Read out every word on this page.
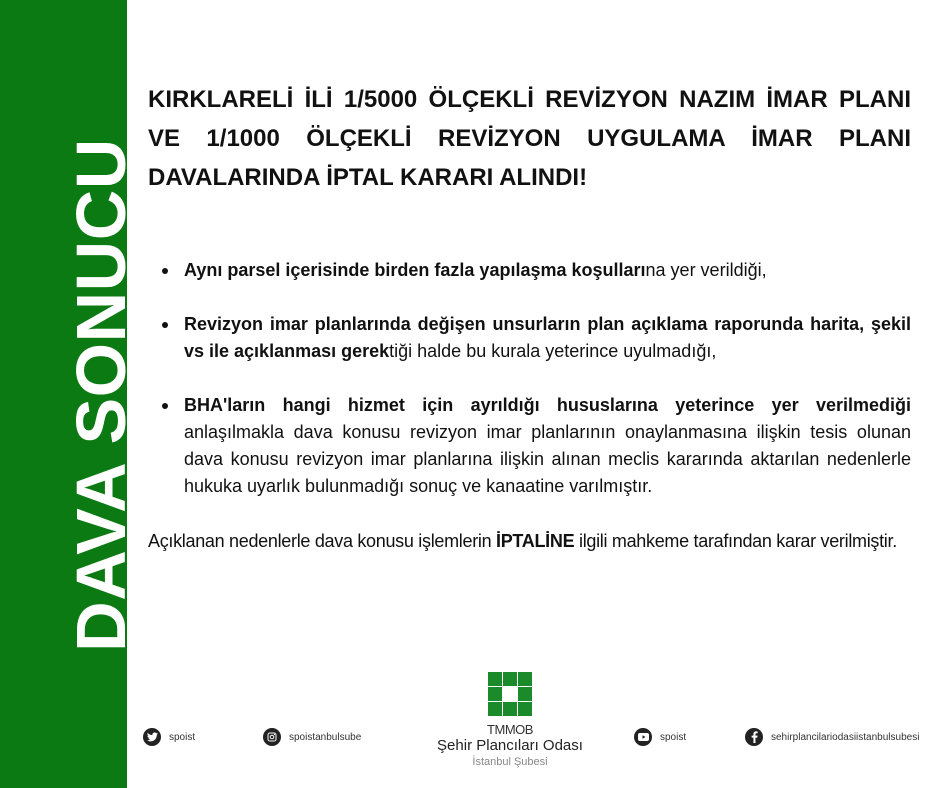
DAVA SONUCU
KIRKLARELİ İLİ 1/5000 ÖLÇEKLİ REVİZYON NAZIM İMAR PLANI VE 1/1000 ÖLÇEKLİ REVİZYON UYGULAMA İMAR PLANI DAVALARINDA İPTAL KARARI ALINDI!
Aynı parsel içerisinde birden fazla yapılaşma koşullarına yer verildiği,
Revizyon imar planlarında değişen unsurların plan açıklama raporunda harita, şekil vs ile açıklanması gerektiği halde bu kurala yeterince uyulmadığı,
BHA'ların hangi hizmet için ayrıldığı hususlarına yeterince yer verilmediği anlaşılmakla dava konusu revizyon imar planlarının onaylanmasına ilişkin tesis olunan dava konusu revizyon imar planlarına ilişkin alınan meclis kararında aktarılan nedenlerle hukuka uyarlık bulunmadığı sonuç ve kanaatine varılmıştır.

Açıklanan nedenlerle dava konusu işlemlerin İPTALİNE ilgili mahkeme tarafından karar verilmiştir.

spoist	spoistanbulsube	TMMOB
Şehir Plancıları Odası
İstanbul Şubesi
spoist	sehirplancilariodasiistanbulsubesi
